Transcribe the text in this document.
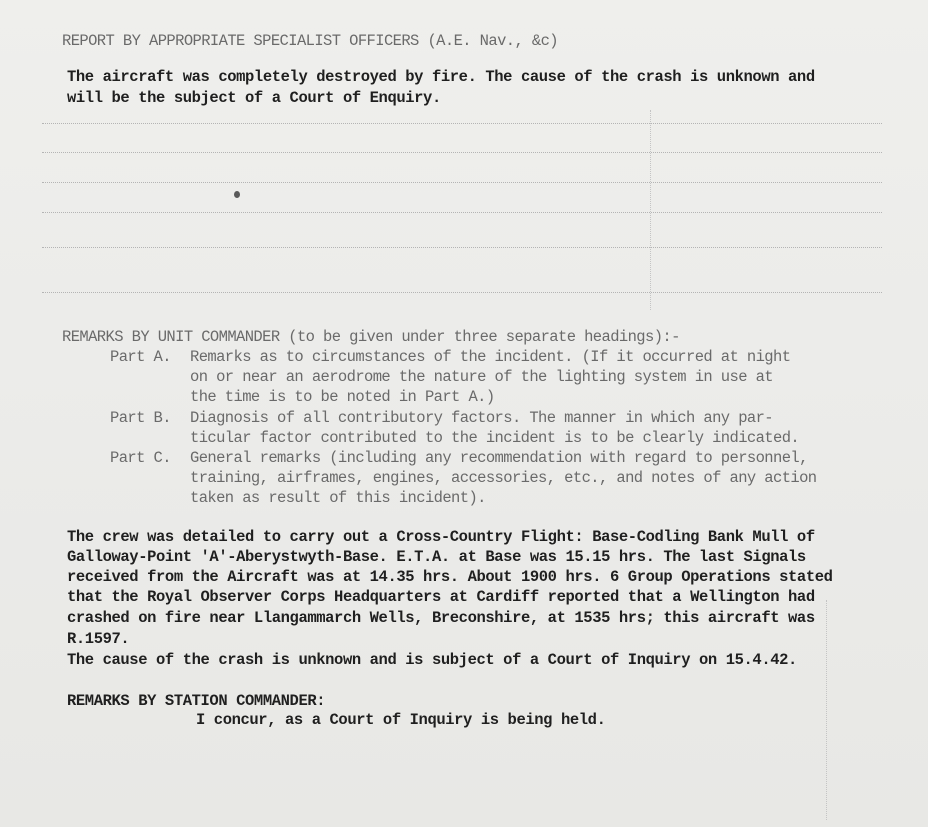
REPORT BY APPROPRIATE SPECIALIST OFFICERS (A.E. Nav., &c)
The aircraft was completely destroyed by fire. The cause of the crash is unknown and
will be the subject of a Court of Enquiry.
REMARKS BY UNIT COMMANDER (to be given under three separate headings):-
Part A. Remarks as to circumstances of the incident. (If it occurred at night
on or near an aerodrome the nature of the lighting system in use at
the time is to be noted in Part A.)
Part B. Diagnosis of all contributory factors. The manner in which any par-
ticular factor contributed to the incident is to be clearly indicated.
Part C. General remarks (including any recommendation with regard to personnel,
training, airframes, engines, accessories, etc., and notes of any action
taken as result of this incident).
The crew was detailed to carry out a Cross-Country Flight: Base-Codling Bank Mull of
Galloway-Point 'A'-Aberystwyth-Base. E.T.A. at Base was 15.15 hrs. The last Signals
received from the Aircraft was at 14.35 hrs. About 1900 hrs. 6 Group Operations stated
that the Royal Observer Corps Headquarters at Cardiff reported that a Wellington had
crashed on fire near Llangammarch Wells, Breconshire, at 1535 hrs; this aircraft was
R.1597.
The cause of the crash is unknown and is subject of a Court of Inquiry on 15.4.42.
REMARKS BY STATION COMMANDER:
I concur, as a Court of Inquiry is being held.
